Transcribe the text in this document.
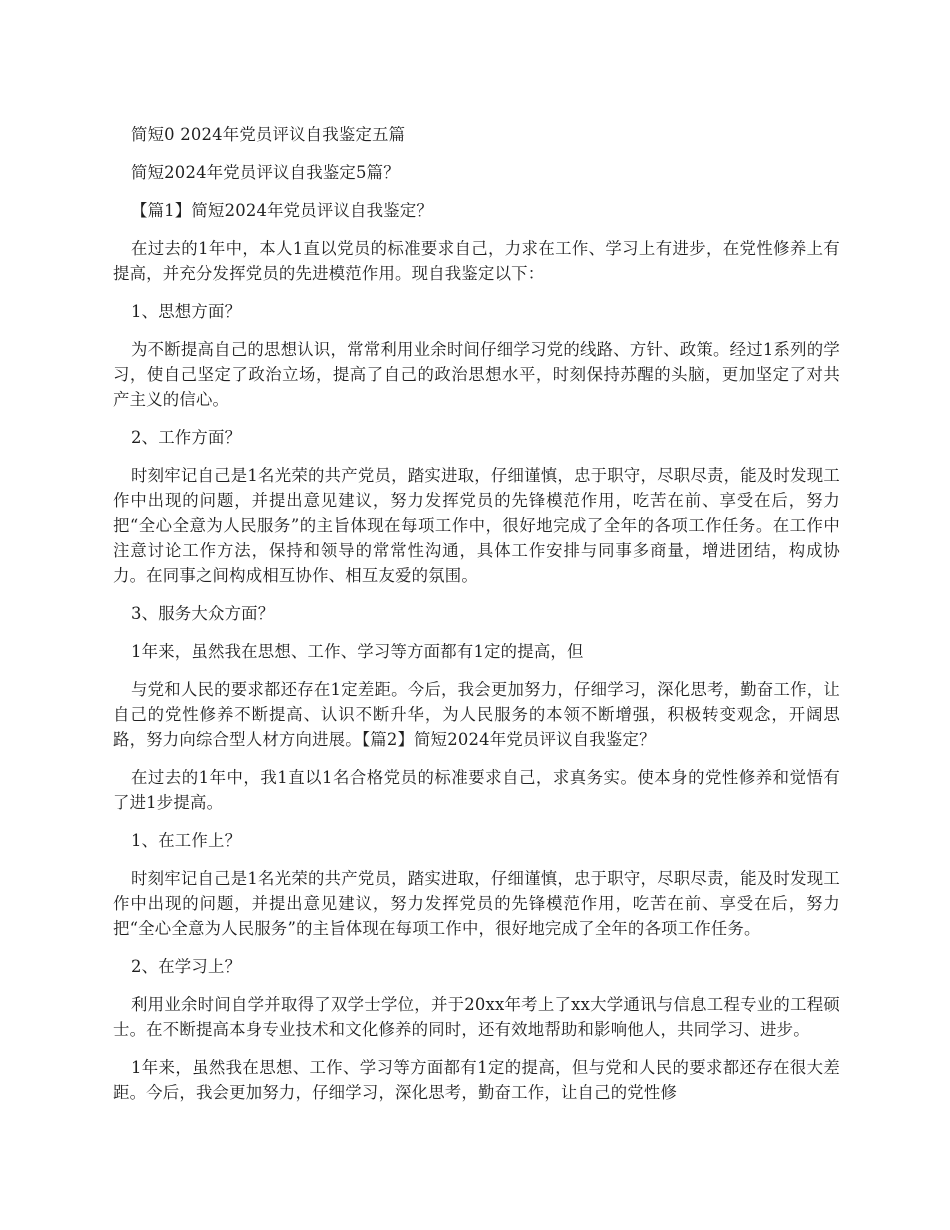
简短0 2024年党员评议自我鉴定五篇

简短2024年党员评议自我鉴定5篇？

【篇1】简短2024年党员评议自我鉴定？

在过去的1年中，本人1直以党员的标准要求自己，力求在工作、学习上有进步，在党性修养上有提高，并充分发挥党员的先进模范作用。现自我鉴定以下：

1、思想方面？

为不断提高自己的思想认识，常常利用业余时间仔细学习党的线路、方针、政策。经过1系列的学习，使自己坚定了政治立场，提高了自己的政治思想水平，时刻保持苏醒的头脑，更加坚定了对共产主义的信心。

2、工作方面？

时刻牢记自己是1名光荣的共产党员，踏实进取，仔细谨慎，忠于职守，尽职尽责，能及时发现工作中出现的问题，并提出意见建议，努力发挥党员的先锋模范作用，吃苦在前、享受在后，努力把“全心全意为人民服务”的主旨体现在每项工作中，很好地完成了全年的各项工作任务。在工作中注意讨论工作方法，保持和领导的常常性沟通，具体工作安排与同事多商量，增进团结，构成协力。在同事之间构成相互协作、相互友爱的氛围。

3、服务大众方面？

1年来，虽然我在思想、工作、学习等方面都有1定的提高，但

与党和人民的要求都还存在1定差距。今后，我会更加努力，仔细学习，深化思考，勤奋工作，让自己的党性修养不断提高、认识不断升华，为人民服务的本领不断增强，积极转变观念，开阔思路，努力向综合型人材方向进展。【篇2】简短2024年党员评议自我鉴定？

在过去的1年中，我1直以1名合格党员的标准要求自己，求真务实。使本身的党性修养和觉悟有了进1步提高。

1、在工作上？

时刻牢记自己是1名光荣的共产党员，踏实进取，仔细谨慎，忠于职守，尽职尽责，能及时发现工作中出现的问题，并提出意见建议，努力发挥党员的先锋模范作用，吃苦在前、享受在后，努力把“全心全意为人民服务”的主旨体现在每项工作中，很好地完成了全年的各项工作任务。

2、在学习上？

利用业余时间自学并取得了双学士学位，并于20xx年考上了xx大学通讯与信息工程专业的工程硕士。在不断提高本身专业技术和文化修养的同时，还有效地帮助和影响他人，共同学习、进步。

1年来，虽然我在思想、工作、学习等方面都有1定的提高，但与党和人民的要求都还存在很大差距。今后，我会更加努力，仔细学习，深化思考，勤奋工作，让自己的党性修
